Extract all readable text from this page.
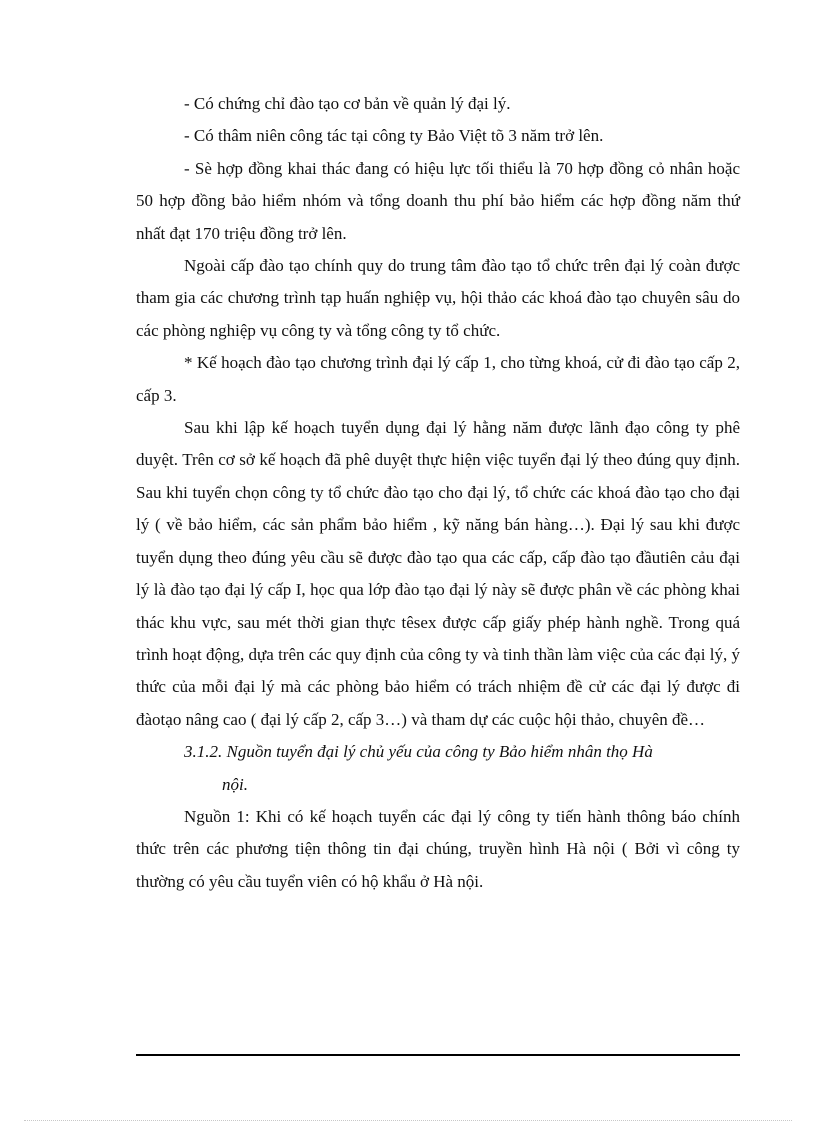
- Có chứng chỉ đào tạo cơ bản về quản lý đại lý.

- Có thâm niên công tác tại công ty Bảo Việt tõ 3 năm trở lên.

- Sè hợp đồng khai thác đang có hiệu lực tối thiểu là 70 hợp đồng cỏ nhân hoặc 50 hợp đồng bảo hiểm nhóm và tổng doanh thu phí bảo hiểm các hợp đồng năm thứ nhất đạt 170 triệu đồng trở lên.

Ngoài cấp đào tạo chính quy do trung tâm đào tạo tổ chức trên đại lý coàn được tham gia các chương trình tạp huấn nghiệp vụ, hội thảo các khoá đào tạo chuyên sâu do các phòng nghiệp vụ công ty và tổng công ty tổ chức.

* Kế hoạch đào tạo chương trình đại lý cấp 1, cho từng khoá, cử đi đào tạo cấp 2, cấp 3.

Sau khi lập kế hoạch tuyển dụng đại lý hằng năm được lãnh đạo công ty phê duyệt. Trên cơ sở kế hoạch đã phê duyệt thực hiện việc tuyển đại lý theo đúng quy định. Sau khi tuyển chọn công ty tổ chức đào tạo cho đại lý, tổ chức các khoá đào tạo cho đại lý ( về bảo hiểm, các sản phẩm bảo hiểm , kỹ năng bán hàng…). Đại lý sau khi được tuyển dụng theo đúng yêu cầu sẽ được đào tạo qua các cấp, cấp đào tạo đầutiên cảu đại lý là đào tạo đại lý cấp I, học qua lớp đào tạo đại lý này sẽ được phân về các phòng khai thác khu vực, sau mét thời gian thực têsex được cấp giấy phép hành nghề. Trong quá trình hoạt động, dựa trên các quy định của công ty và tinh thần làm việc của các đại lý, ý thức của mỗi đại lý mà các phòng bảo hiểm có trách nhiệm đề cử các đại lý được đi đàotạo nâng cao ( đại lý cấp 2, cấp 3…) và tham dự các cuộc hội thảo, chuyên đề…

3.1.2. Nguồn tuyển đại lý chủ yếu của công ty Bảo hiểm nhân thọ Hà
nội.

Nguồn 1: Khi có kế hoạch tuyển các đại lý công ty tiến hành thông báo chính thức trên các phương tiện thông tin đại chúng, truyền hình Hà nội ( Bởi vì công ty thường có yêu cầu tuyển viên có hộ khẩu ở Hà nội.
